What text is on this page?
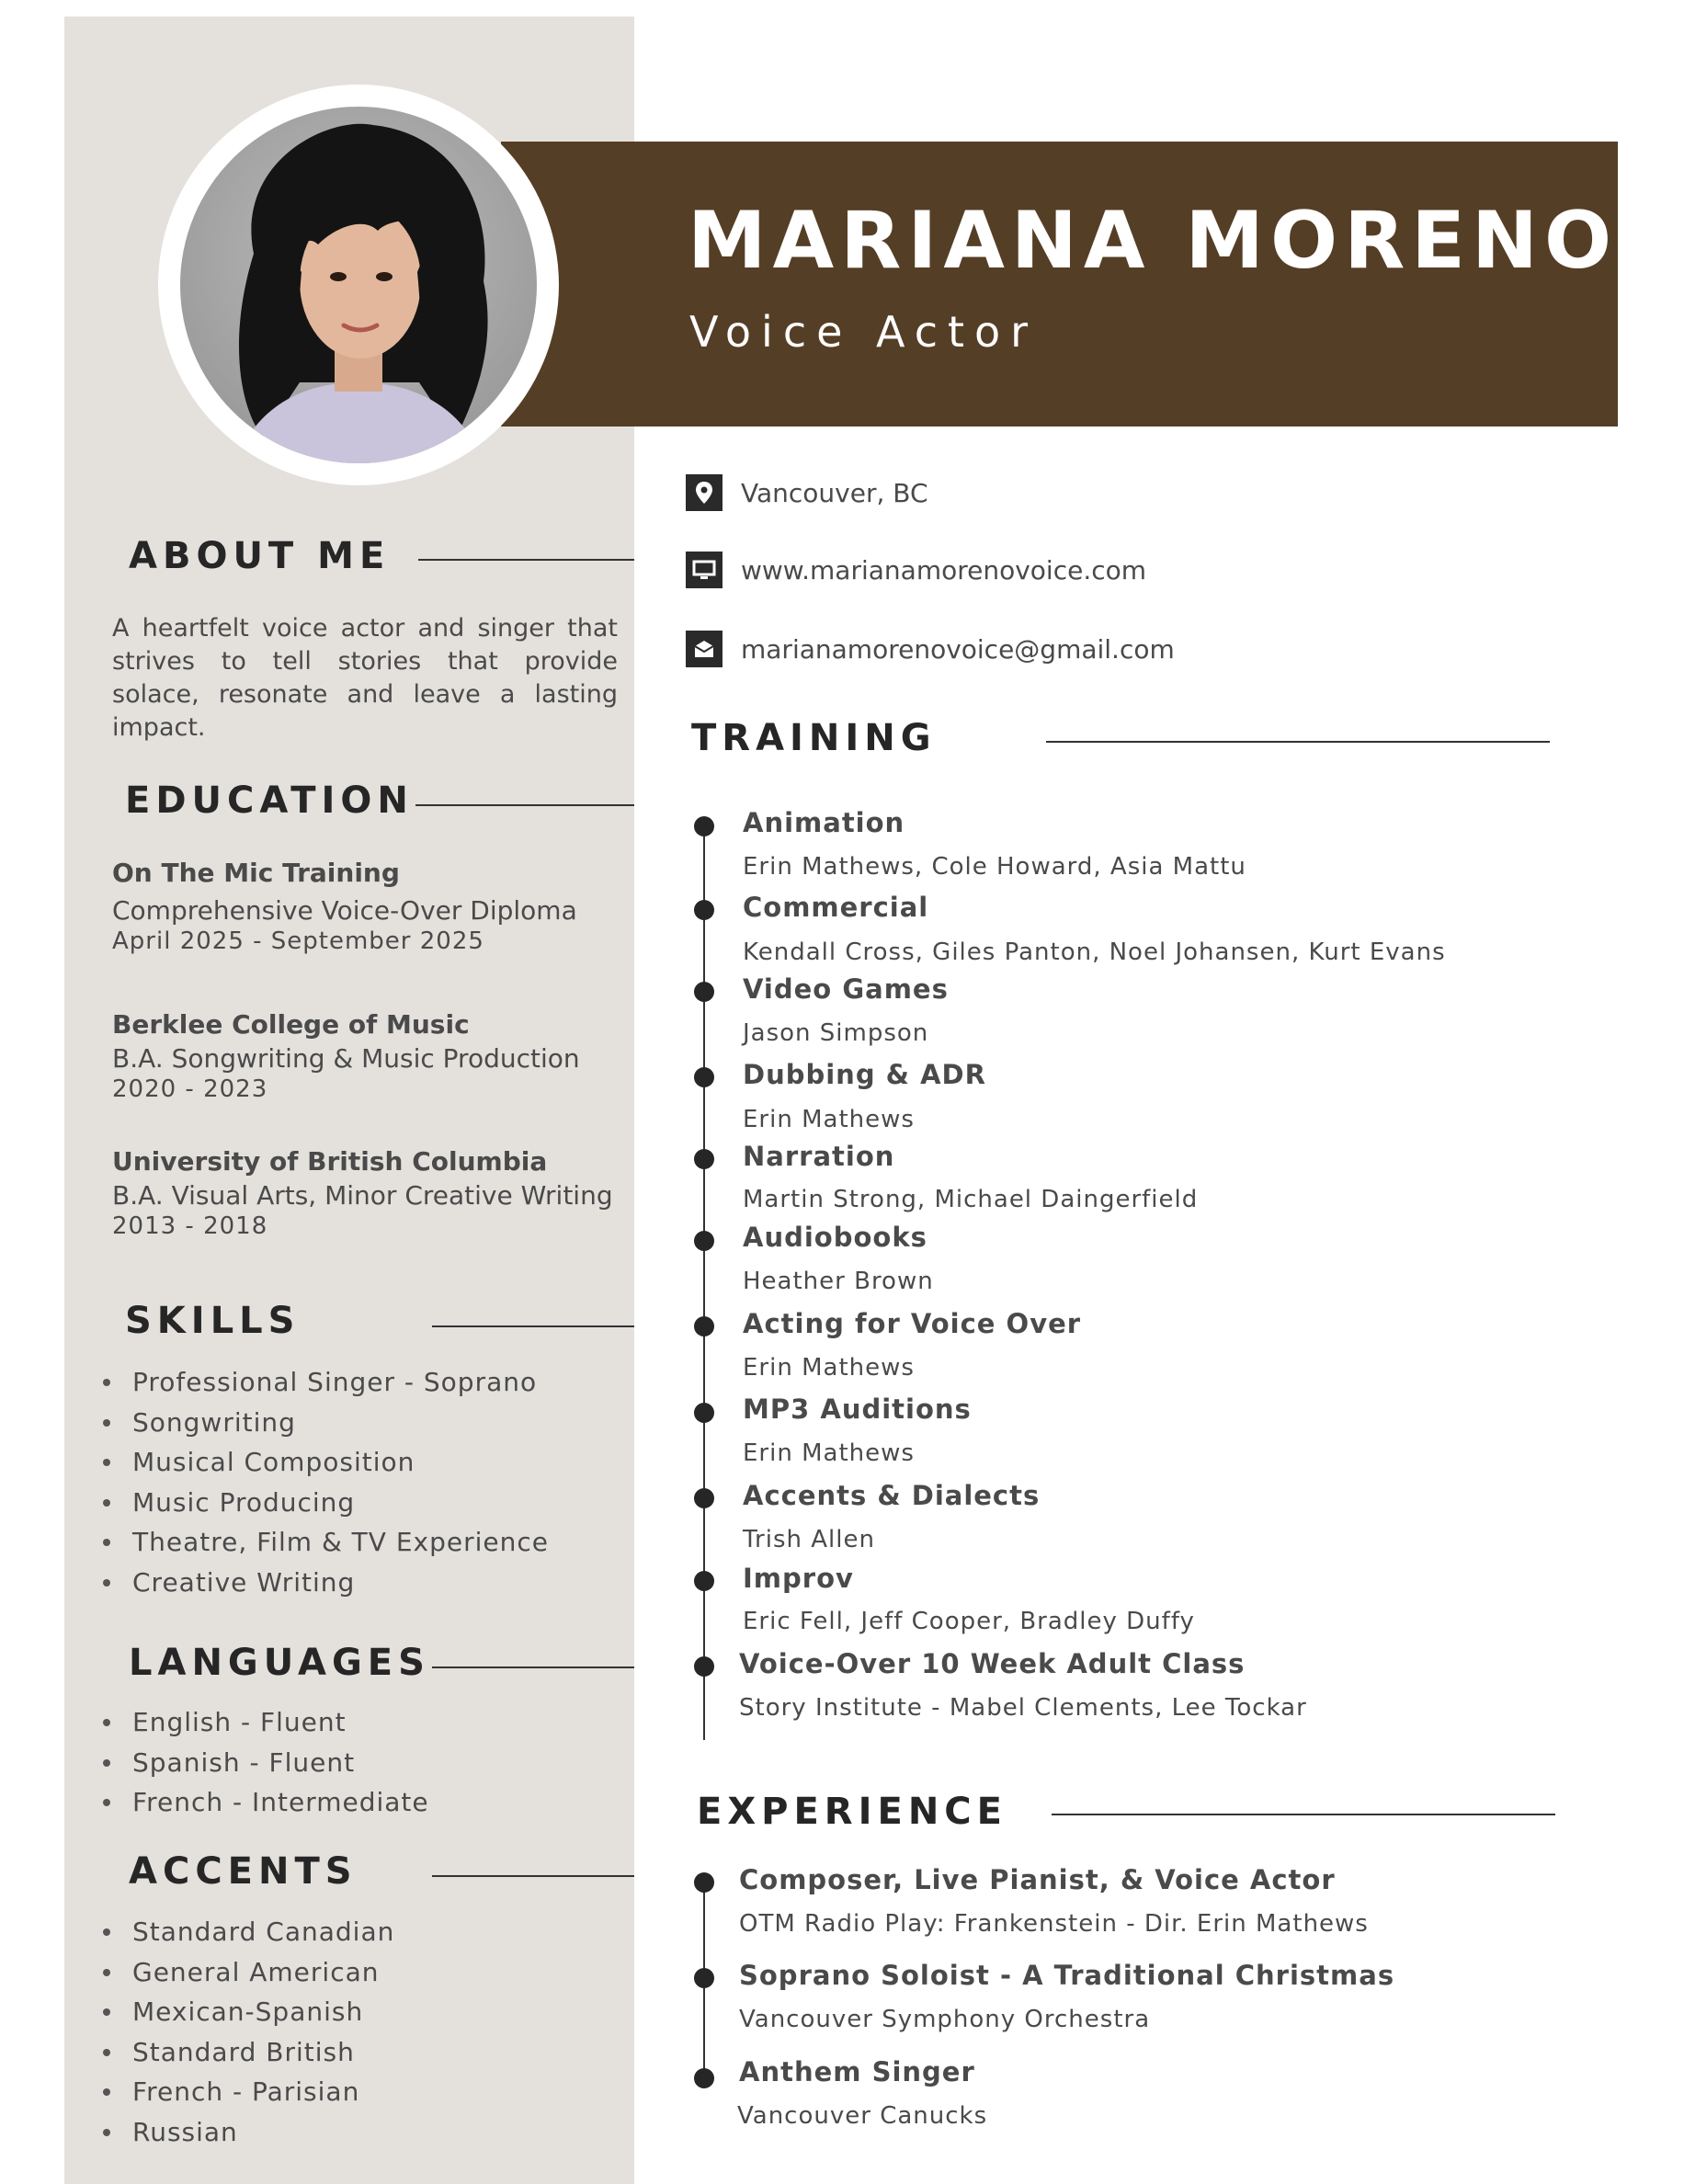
MARIANA MORENO

Voice Actor

Vancouver, BC
www.marianamorenovoice.com
marianamorenovoice@gmail.com
ABOUT ME

A heartfelt voice actor and singer that strives to tell stories that provide solace, resonate and leave a lasting impact.

EDUCATION
On The Mic Training
Comprehensive Voice-Over Diploma
April 2025 - September 2025
Berklee College of Music
B.A. Songwriting & Music Production
2020 - 2023
University of British Columbia
B.A. Visual Arts, Minor Creative Writing
2013 - 2018
SKILLS
Professional Singer - Soprano
Songwriting
Musical Composition
Music Producing
Theatre, Film & TV Experience
Creative Writing
LANGUAGES
English - Fluent
Spanish - Fluent
French - Intermediate
ACCENTS
Standard Canadian
General American
Mexican-Spanish
Standard British
French - Parisian
Russian
TRAINING
Animation
Erin Mathews, Cole Howard, Asia Mattu
Commercial
Kendall Cross, Giles Panton, Noel Johansen, Kurt Evans
Video Games
Jason Simpson
Dubbing & ADR
Erin Mathews
Narration
Martin Strong, Michael Daingerfield
Audiobooks
Heather Brown
Acting for Voice Over
Erin Mathews
MP3 Auditions
Erin Mathews
Accents & Dialects
Trish Allen
Improv
Eric Fell, Jeff Cooper, Bradley Duffy
Voice-Over 10 Week Adult Class
Story Institute - Mabel Clements, Lee Tockar
EXPERIENCE
Composer, Live Pianist, & Voice Actor
OTM Radio Play: Frankenstein - Dir. Erin Mathews
Soprano Soloist - A Traditional Christmas
Vancouver Symphony Orchestra
Anthem Singer
Vancouver Canucks
